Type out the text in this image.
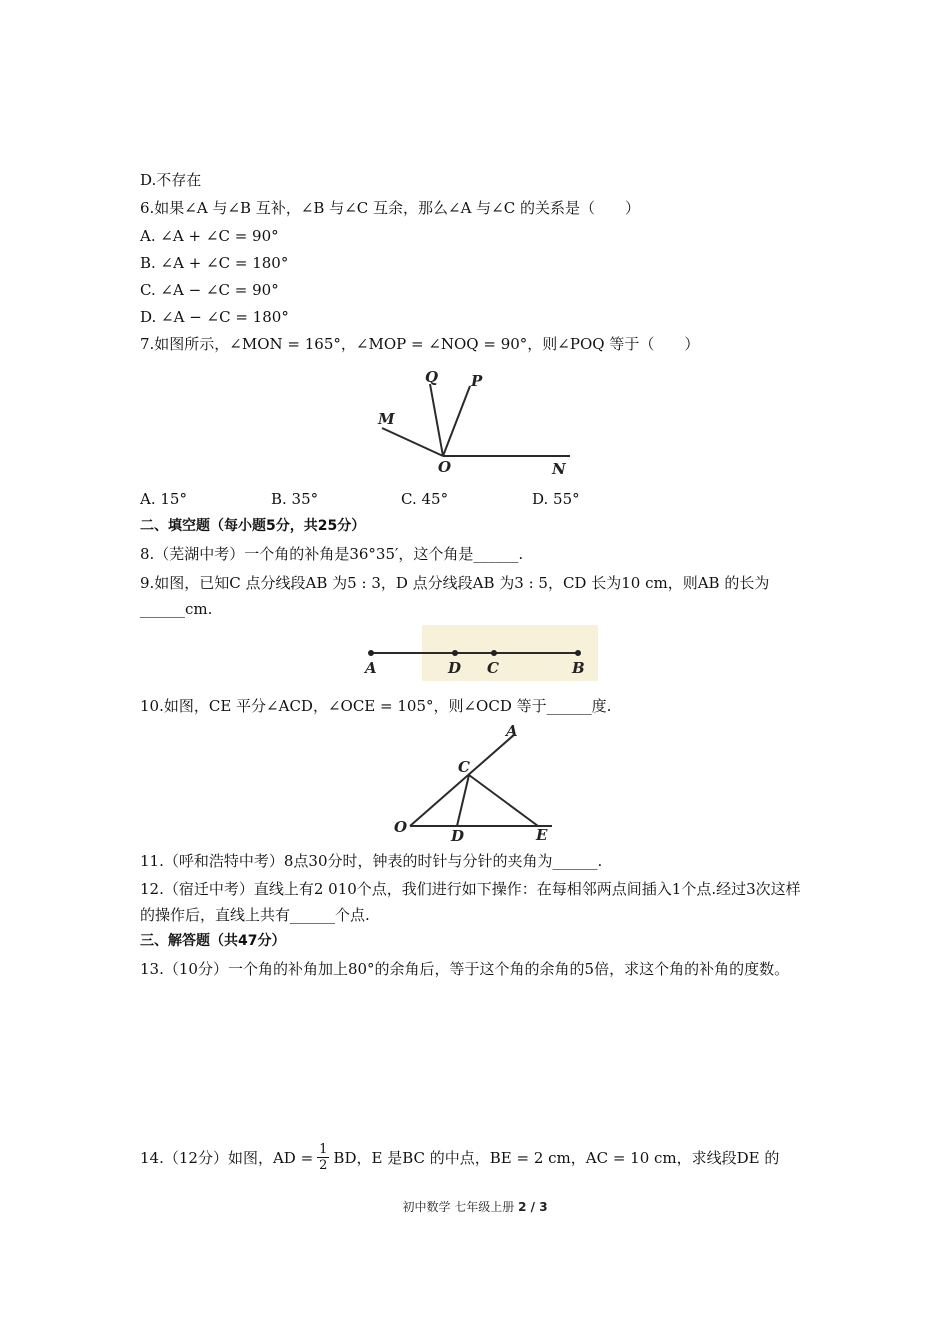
D.不存在
6.如果∠A 与∠B 互补，∠B 与∠C 互余，那么∠A 与∠C 的关系是（　　）
A. ∠A + ∠C = 90°
B. ∠A + ∠C = 180°
C. ∠A − ∠C = 90°
D. ∠A − ∠C = 180°
7.如图所示，∠MON = 165°，∠MOP = ∠NOQ = 90°，则∠POQ 等于（　　）
Q P
M
O	N
A. 15°	B. 35°	C. 45°	D. 55°
二、填空题（每小题5分，共25分）
8.（芜湖中考）一个角的补角是36°35′，这个角是______.
9.如图，已知C 点分线段AB 为5 : 3，D 点分线段AB 为3 : 5，CD 长为10 cm，则AB 的长为______cm.
A	D C	B
10.如图，CE 平分∠ACD，∠OCE = 105°，则∠OCD 等于______度.
A
C
O	D	E
11.（呼和浩特中考）8点30分时，钟表的时针与分针的夹角为______.
12.（宿迁中考）直线上有2 010个点，我们进行如下操作：在每相邻两点间插入1个点.经过3次这样的操作后，直线上共有______个点.
三、解答题（共47分）
13.（10分）一个角的补角加上80°的余角后，等于这个角的余角的5倍，求这个角的补角的度数。
14.（12分）如图，AD = $\frac{1}{2}$ BD，E 是BC 的中点，BE = 2 cm，AC = 10 cm，求线段DE 的
初中数学 七年级上册 2 / 3
